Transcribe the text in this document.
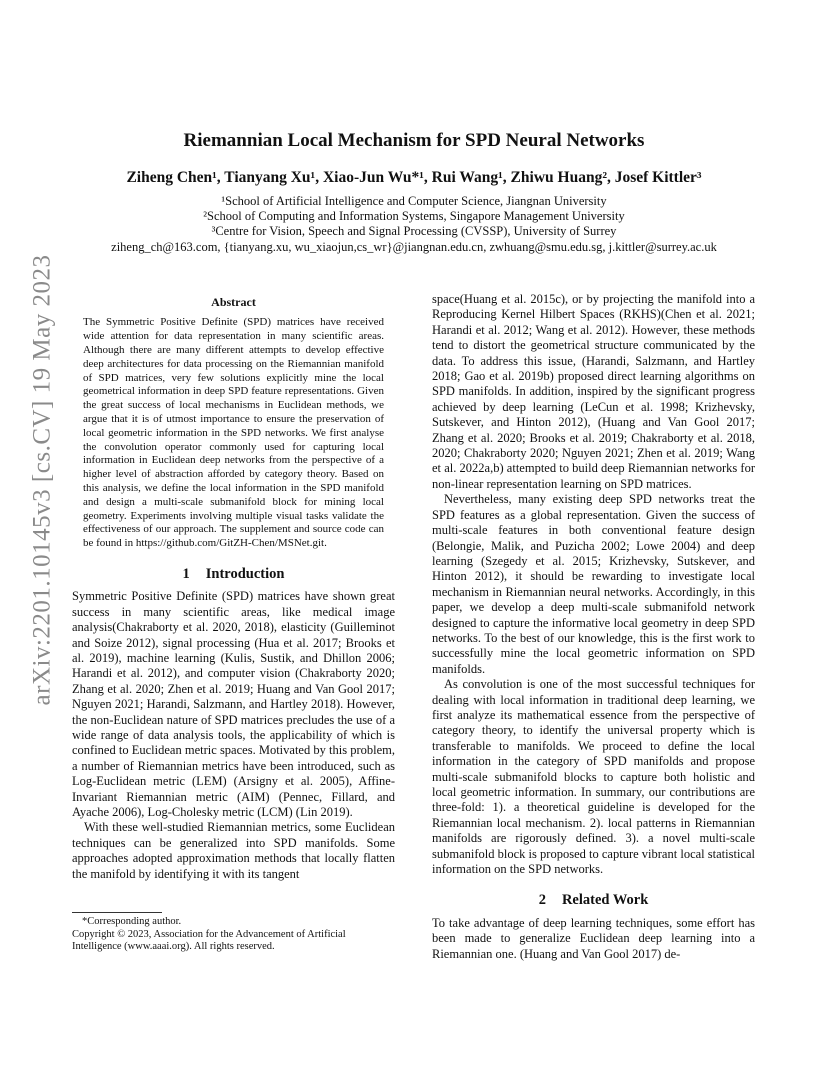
arXiv:2201.10145v3 [cs.CV] 19 May 2023
Riemannian Local Mechanism for SPD Neural Networks
Ziheng Chen¹, Tianyang Xu¹, Xiao-Jun Wu*¹, Rui Wang¹, Zhiwu Huang², Josef Kittler³
¹School of Artificial Intelligence and Computer Science, Jiangnan University
²School of Computing and Information Systems, Singapore Management University
³Centre for Vision, Speech and Signal Processing (CVSSP), University of Surrey
ziheng_ch@163.com, {tianyang.xu, wu_xiaojun,cs_wr}@jiangnan.edu.cn, zwhuang@smu.edu.sg, j.kittler@surrey.ac.uk
Abstract
The Symmetric Positive Definite (SPD) matrices have received wide attention for data representation in many scientific areas. Although there are many different attempts to develop effective deep architectures for data processing on the Riemannian manifold of SPD matrices, very few solutions explicitly mine the local geometrical information in deep SPD feature representations. Given the great success of local mechanisms in Euclidean methods, we argue that it is of utmost importance to ensure the preservation of local geometric information in the SPD networks. We first analyse the convolution operator commonly used for capturing local information in Euclidean deep networks from the perspective of a higher level of abstraction afforded by category theory. Based on this analysis, we define the local information in the SPD manifold and design a multi-scale submanifold block for mining local geometry. Experiments involving multiple visual tasks validate the effectiveness of our approach. The supplement and source code can be found in https://github.com/GitZH-Chen/MSNet.git.
1 Introduction

Symmetric Positive Definite (SPD) matrices have shown great success in many scientific areas, like medical image analysis(Chakraborty et al. 2020, 2018), elasticity (Guilleminot and Soize 2012), signal processing (Hua et al. 2017; Brooks et al. 2019), machine learning (Kulis, Sustik, and Dhillon 2006; Harandi et al. 2012), and computer vision (Chakraborty 2020; Zhang et al. 2020; Zhen et al. 2019; Huang and Van Gool 2017; Nguyen 2021; Harandi, Salzmann, and Hartley 2018). However, the non-Euclidean nature of SPD matrices precludes the use of a wide range of data analysis tools, the applicability of which is confined to Euclidean metric spaces. Motivated by this problem, a number of Riemannian metrics have been introduced, such as Log-Euclidean metric (LEM) (Arsigny et al. 2005), Affine-Invariant Riemannian metric (AIM) (Pennec, Fillard, and Ayache 2006), Log-Cholesky metric (LCM) (Lin 2019).

With these well-studied Riemannian metrics, some Euclidean techniques can be generalized into SPD manifolds. Some approaches adopted approximation methods that locally flatten the manifold by identifying it with its tangent

*Corresponding author.
Copyright © 2023, Association for the Advancement of Artificial Intelligence (www.aaai.org). All rights reserved.

space(Huang et al. 2015c), or by projecting the manifold into a Reproducing Kernel Hilbert Spaces (RKHS)(Chen et al. 2021; Harandi et al. 2012; Wang et al. 2012). However, these methods tend to distort the geometrical structure communicated by the data. To address this issue, (Harandi, Salzmann, and Hartley 2018; Gao et al. 2019b) proposed direct learning algorithms on SPD manifolds. In addition, inspired by the significant progress achieved by deep learning (LeCun et al. 1998; Krizhevsky, Sutskever, and Hinton 2012), (Huang and Van Gool 2017; Zhang et al. 2020; Brooks et al. 2019; Chakraborty et al. 2018, 2020; Chakraborty 2020; Nguyen 2021; Zhen et al. 2019; Wang et al. 2022a,b) attempted to build deep Riemannian networks for non-linear representation learning on SPD matrices.

Nevertheless, many existing deep SPD networks treat the SPD features as a global representation. Given the success of multi-scale features in both conventional feature design (Belongie, Malik, and Puzicha 2002; Lowe 2004) and deep learning (Szegedy et al. 2015; Krizhevsky, Sutskever, and Hinton 2012), it should be rewarding to investigate local mechanism in Riemannian neural networks. Accordingly, in this paper, we develop a deep multi-scale submanifold network designed to capture the informative local geometry in deep SPD networks. To the best of our knowledge, this is the first work to successfully mine the local geometric information on SPD manifolds.

As convolution is one of the most successful techniques for dealing with local information in traditional deep learning, we first analyze its mathematical essence from the perspective of category theory, to identify the universal property which is transferable to manifolds. We proceed to define the local information in the category of SPD manifolds and propose multi-scale submanifold blocks to capture both holistic and local geometric information. In summary, our contributions are three-fold: 1). a theoretical guideline is developed for the Riemannian local mechanism. 2). local patterns in Riemannian manifolds are rigorously defined. 3). a novel multi-scale submanifold block is proposed to capture vibrant local statistical information on the SPD networks.

2 Related Work

To take advantage of deep learning techniques, some effort has been made to generalize Euclidean deep learning into a Riemannian one. (Huang and Van Gool 2017) de-
